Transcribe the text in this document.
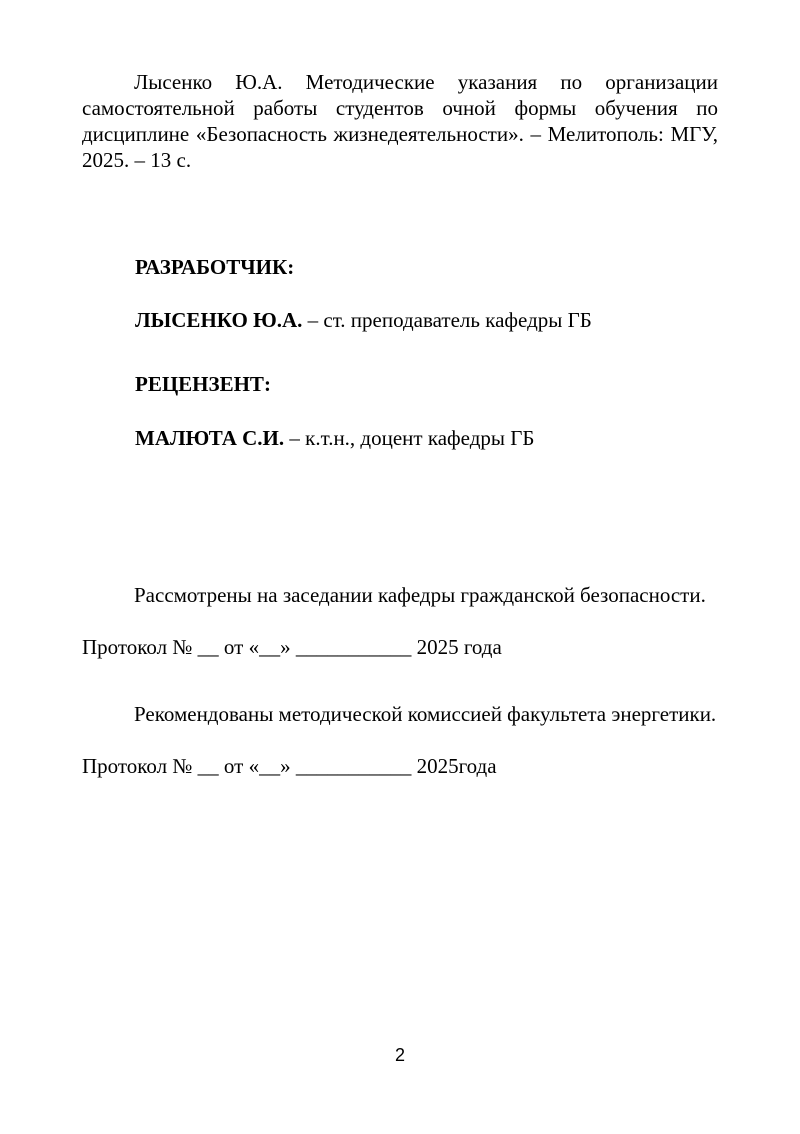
Лысенко Ю.А. Методические указания по организации самостоятельной работы студентов очной формы обучения по дисциплине «Безопасность жизнедеятельности». – Мелитополь: МГУ, 2025. – 13 с.
РАЗРАБОТЧИК:
ЛЫСЕНКО Ю.А. – ст. преподаватель кафедры ГБ
РЕЦЕНЗЕНТ:
МАЛЮТА С.И. – к.т.н., доцент кафедры ГБ
Рассмотрены на заседании кафедры гражданской безопасности.
Протокол № __ от «__» ___________ 2025 года
Рекомендованы методической комиссией факультета энергетики.
Протокол № __ от «__» ___________ 2025года
2
